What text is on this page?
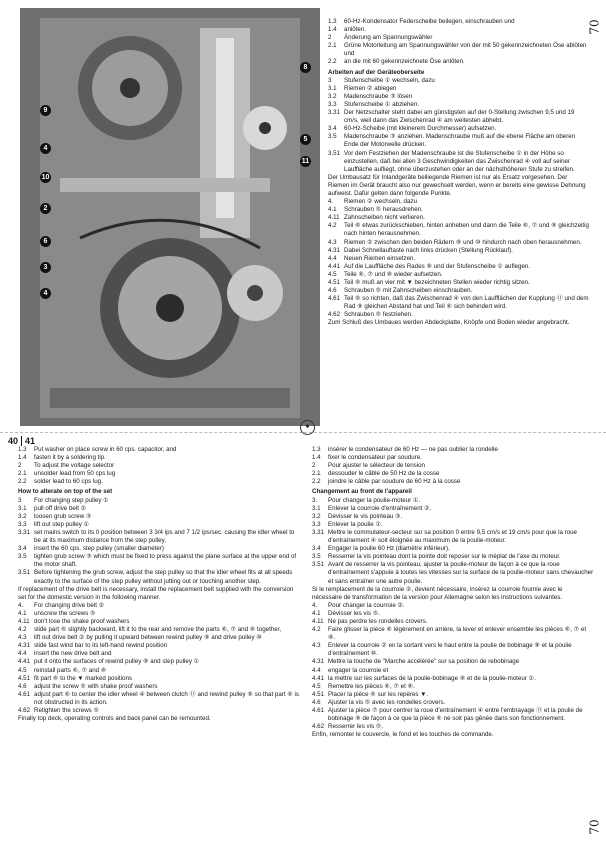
9
4
10
2
6
3
4
8
5
11
40 41
70
70
1.3	60-Hz-Kondensator Federscheibe beilegen, einschrauben und
1.4	anlöten.
2	Änderung am Spannungswähler
2.1	Grüne Motorleitung am Spannungswähler von der mit 50 gekennzeichneten Öse ablöten und
2.2	an die mit 60 gekennzeichnete Öse anlöten.
Arbeiten auf der Geräteoberseite
3	Stufenscheibe ① wechseln, dazu
3.1	Riemen ② ablegen
3.2	Madenschraube ③ lösen
3.3	Stufenscheibe ① abziehen.
3.31 Der Netzschalter steht dabei am günstigsten auf der 0-Stellung zwischen 9,5 und 19 cm/s, weil dann das Zwischenrad ④ am weitesten abhebt.
3.4	60-Hz-Scheibe (mit kleinerem Durchmesser) aufsetzen.
3.5	Madenschraube ③ anziehen. Madenschraube muß auf die ebene Fläche am oberen Ende der Motorwelle drücken.
3.51 Vor dem Festziehen der Madenschraube ist die Stufenscheibe ① in der Höhe so einzustellen, daß bei allen 3 Geschwindigkeiten das Zwischenrad ④ voll auf seiner Lauffläche aufliegt, ohne überzustehen oder an der nächsthöheren Stufe zu streifen.
Der Umbausatz für Inlandgeräte beiliegende Riemen ist nur als Ersatz vorgesehen. Der Riemen im Gerät braucht also nur gewechselt werden, wenn er bereits eine gewisse Dehnung aufweist. Dafür gelten dann folgende Punkte.
4.	Riemen ② wechseln, dazu
4.1	Schrauben ⑤ herausdrehen.
4.11 Zahnscheiben nicht verlieren.
4.2	Teil ⑥ etwas zurückschieben, hinten anheben und dann die Teile ⑥, ⑦ und ⑧ gleichzeitig nach hinten herausnehmen.
4.3	Riemen ② zwischen den beiden Rädern ⑨ und ⑩ hindurch nach oben herausnehmen.
4.31 Dabei Schnellauftaste nach links drücken (Stellung Rücklauf).
4.4	Neuen Riemen einsetzen.
4.41 Auf die Lauffläche des Rades ⑨ und der Stufenscheibe ① auflegen.
4.5	Teile ⑥, ⑦ und ⑧ wieder aufsetzen.
4.51 Teil ⑥ muß an vier mit ▼ bezeichneten Stellen wieder richtig sitzen.
4.6	Schrauben ⑤ mit Zahnscheiben einschrauben.
4.61 Teil ⑥ so richten, daß das Zwischenrad ④ von den Laufflächen der Kupplung ⑪ und dem Rad ⑨ gleichen Abstand hat und Teil ⑥ sich behindert wird.
4.62 Schrauben ⑤ festziehen.
Zum Schluß des Umbaues werden Abdeckplatte, Knöpfe und Boden wieder angebracht.
✱
1.3	Put washer on place screw in 60 cps. capacitor, and
1.4	fasten it by a soldering tip.
2	To adjust the voltage selector
2.1	unsolder lead from 50 cps lug
2.2	solder lead to 60 cps lug.
How to alterate on top of the set
3	For changing step pulley ①
3.1	pull off drive belt ②
3.2	loosen grub screw ③
3.3	lift out step pulley ①
3.31 set mains switch to its 0 position between 3 3/4 ips and 7 1/2 ips/sec. causing the idler wheel to be at its maximum distance from the step pulley,
3.4	insert the 60 cps. step pulley (smaller diameter)
3.5	tighten grub screw ③ which must be fixed to press against the plane surface at the upper end of the motor shaft.
3.51 Before tightening the grub screw, adjust the step pulley so that the idler wheel fits at all speeds exactly to the surface of the step pulley without jutting out or touching another step.
If replacement of the drive belt is necessary, install the replacement belt supplied with the conversion set for the domestic version in the following manner.
4.	For changing drive belt ②
4.1	unscrew the screws ⑤
4.11 don't lose the shake proof washers
4.2	slide part ⑥ slightly backward, lift it to the rear and remove the parts ⑥, ⑦ and ⑧ together,
4.3	lift out drive belt ② by pulling it upward between rewind pulley ⑨ and drive pulley ⑩
4.31 slide fast wind bar to its left-hand rewind position
4.4	insert the new drive belt and
4.41 put it onto the surfaces of rewind pulley ⑨ and step pulley ①
4.5	reinstall parts ⑥, ⑦ and ⑧
4.51 fit part ⑥ to the ▼ marked positions
4.6	adjust the screw ⑤ with shake proof washers
4.61 adjust part ⑥ to center the idler wheel ④ between clutch ⑪ and rewind pulley ⑨ so that part ⑥ is not obstructed in its action.
4.62 Retighten the screws ⑤
Finally top deck, operating controls and back panel can be remounted.
1.3	insérer le condensateur de 60 Hz — ne pas oublier la rondelle
1.4	fixer le condensateur par soudure.
2	Pour ajuster le sélecteur de tension
2.1	dessouder le câble de 50 Hz de la cosse
2.2	joindre le câble par soudure de 60 Hz à la cosse
Changement au front de l'appareil
3.	Pour changer la poulie-moteur ①.
3.1	Enlever la courroie d'entraînement ②.
3.2	Dévisser le vis pointeau ③.
3.3	Enlever la poulie ①.
3.31 Mettre le commutateur-secteur sur sa position 0 entre 9,5 cm/s et 19 cm/s pour que la roue d'entraînement ④ soit éloignée au maximum de la poulie-moteur.
3.4	Engager la poulie 60 Hz (diamètre inférieur).
3.5	Resserrer la vis pointeau dont la pointe doit reposer sur le méplat de l'axe du moteur.
3.51 Avant de resserrer la vis pointeau, ajuster la poulie-moteur de façon à ce que la roue d'entraînement s'appuie à toutes les vitesses sur la surface de la poulie-moteur sans chevaucher et sans entraîner une autre poulie.
Si le remplacement de la courroie ②, devient nécessaire, insérez la courroie fournie avec le nécessaire de transformation de la version pour Allemagne selon les instructions suivantes.
4.	Pour changer la courroie ②.
4.1	Dévisser les vis ⑤.
4.11 Ne pas perdre les rondelles crovers.
4.2	Faire glisser la pièce ⑥ légèrement en arrière, la lever et enlever ensemble les pièces ⑥, ⑦ et ⑧.
4.3	Enlever la courroie ② en la sortant vers le haut entre la poulie de bobinage ⑨ et la poulie d'entraînement ⑩.
4.31 Mettre la touche de "Marche accélérée" sur sa position de rebobinage
4.4	engager la courroie et
4.41 la mettre sur les surfaces de la poulie-bobinage ⑨ et de la poulie-moteur ①.
4.5	Remettre les pièces ⑥, ⑦ et ⑧.
4.51 Placer la pièce ⑥ sur les repères ▼.
4.6	Ajuster la vis ⑤ avec les rondelles crovers.
4.61 Ajuster la pièce ⑦ pour centrer la roue d'entraînement ④ entre l'embrayage ⑪ et la poulie de bobinage ⑨ de façon à ce que la pièce ⑥ ne soit pas gênée dans son fonctionnement.
4.62 Resserrer les vis ⑤.
Enfin, remonter le couvercle, le fond et les touches de commande.
